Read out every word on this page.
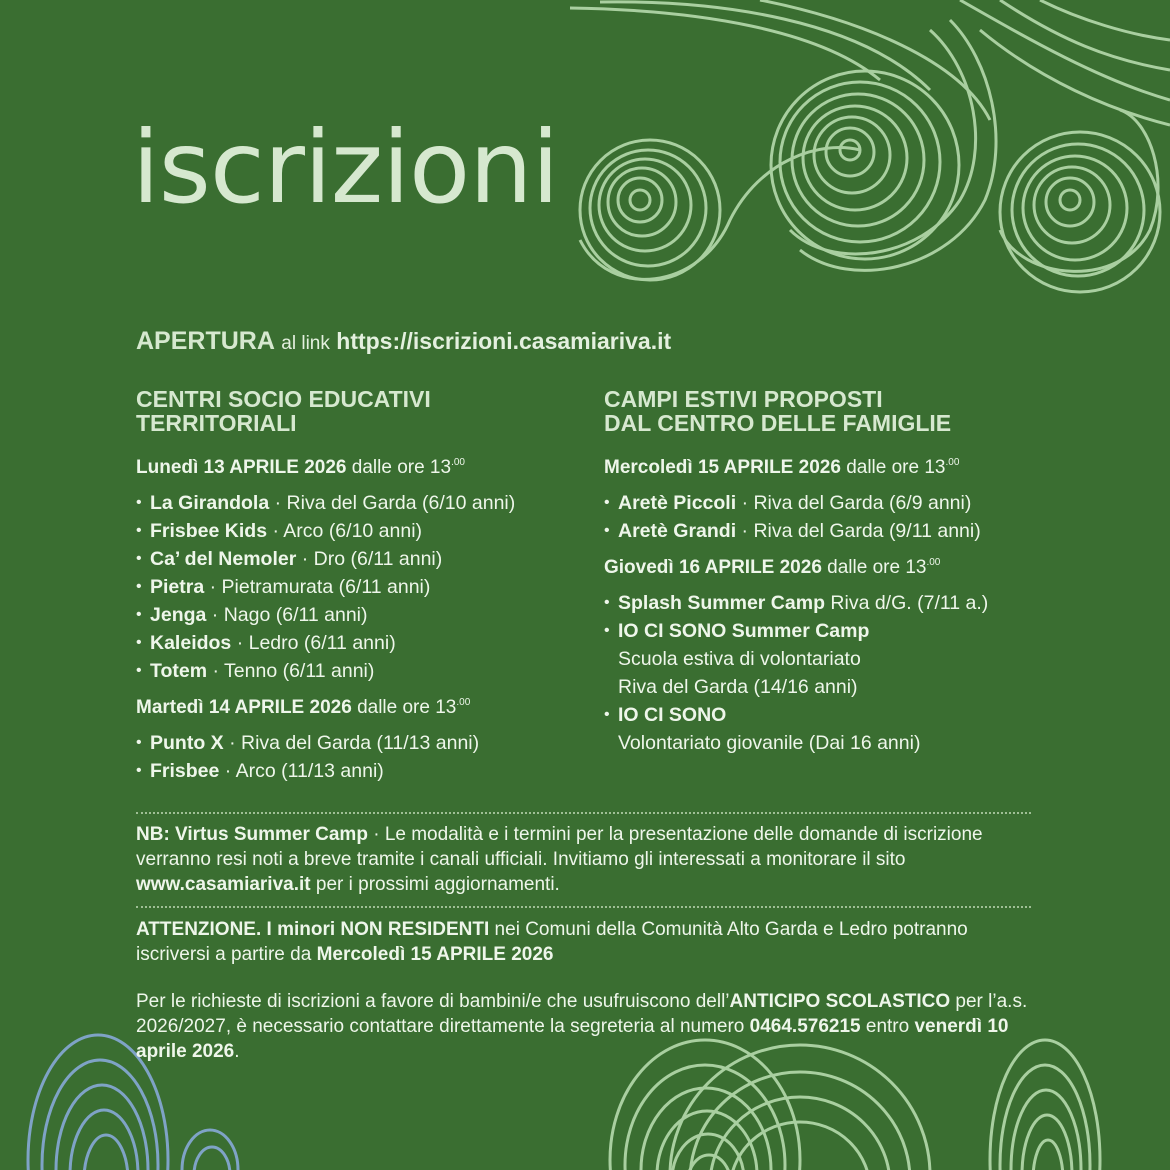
iscrizioni
APERTURA al link https://iscrizioni.casamiariva.it
CENTRI SOCIO EDUCATIVI
TERRITORIALI
Lunedì 13 APRILE 2026 dalle ore $13^{.00}$
• La Girandola · Riva del Garda (6/10 anni)
• Frisbee Kids · Arco (6/10 anni)
• Ca’ del Nemoler · Dro (6/11 anni)
• Pietra · Pietramurata (6/11 anni)
• Jenga · Nago (6/11 anni)
• Kaleidos · Ledro (6/11 anni)
• Totem · Tenno (6/11 anni)
Martedì 14 APRILE 2026 dalle ore $13^{.00}$
• Punto X · Riva del Garda (11/13 anni)
• Frisbee · Arco (11/13 anni)
CAMPI ESTIVI PROPOSTI
DAL CENTRO DELLE FAMIGLIE
Mercoledì 15 APRILE 2026 dalle ore $13^{.00}$
• Aretè Piccoli · Riva del Garda (6/9 anni)
• Aretè Grandi · Riva del Garda (9/11 anni)
Giovedì 16 APRILE 2026 dalle ore $13^{.00}$
• Splash Summer Camp Riva d/G. (7/11 a.)
• IO CI SONO Summer Camp
Scuola estiva di volontariato
Riva del Garda (14/16 anni)
• IO CI SONO
Volontariato giovanile (Dai 16 anni)
NB: Virtus Summer Camp · Le modalità e i termini per la presentazione delle domande di iscrizione verranno resi noti a breve tramite i canali ufficiali. Invitiamo gli interessati a monitorare il sito www.casamiariva.it per i prossimi aggiornamenti.
ATTENZIONE. I minori NON RESIDENTI nei Comuni della Comunità Alto Garda e Ledro potranno iscriversi a partire da Mercoledì 15 APRILE 2026
Per le richieste di iscrizioni a favore di bambini/e che usufruiscono dell’ANTICIPO SCOLASTICO per l’a.s. 2026/2027, è necessario contattare direttamente la segreteria al numero 0464.576215 entro venerdì 10 aprile 2026.
